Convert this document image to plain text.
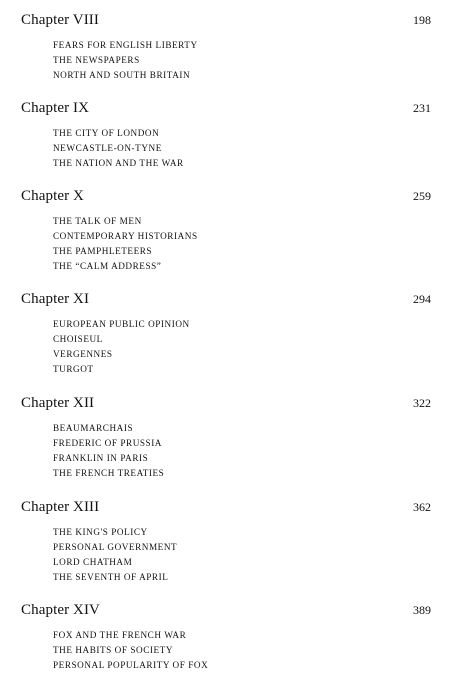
Chapter VIII	198
FEARS FOR ENGLISH LIBERTY
THE NEWSPAPERS
NORTH AND SOUTH BRITAIN
Chapter IX	231
THE CITY OF LONDON
NEWCASTLE-ON-TYNE
THE NATION AND THE WAR
Chapter X	259
THE TALK OF MEN
CONTEMPORARY HISTORIANS
THE PAMPHLETEERS
THE “CALM ADDRESS”
Chapter XI	294
EUROPEAN PUBLIC OPINION
CHOISEUL
VERGENNES
TURGOT
Chapter XII	322
BEAUMARCHAIS
FREDERIC OF PRUSSIA
FRANKLIN IN PARIS
THE FRENCH TREATIES
Chapter XIII	362
THE KING'S POLICY
PERSONAL GOVERNMENT
LORD CHATHAM
THE SEVENTH OF APRIL
Chapter XIV	389
FOX AND THE FRENCH WAR
THE HABITS OF SOCIETY
PERSONAL POPULARITY OF FOX
